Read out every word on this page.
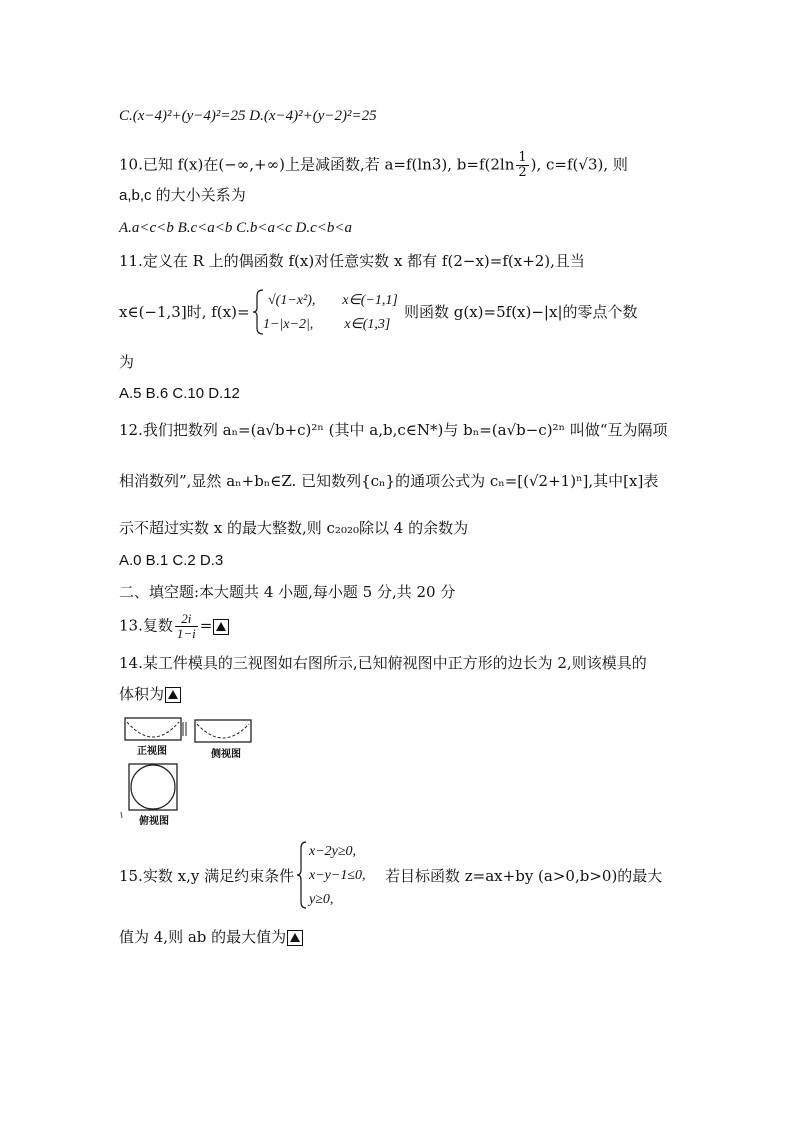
C.(x−4)²+(y−4)²=25 D.(x−4)²+(y−2)²=25
10.已知 f(x)在(−∞,+∞)上是减函数,若 a=f(ln3), $b=f(2\ln \frac{1}{2}$ ), c=f(√3), 则
a,b,c 的大小关系为
A.a<c<b B.c<a<b C.b<a<c D.c<b<a
11.定义在 R 上的偶函数 f(x)对任意实数 x 都有 f(2−x)=f(x+2),且当
x∈(−1,3]时, f(x)=
√(1−x²), x∈(−1,1]
1−|x−2|, x∈(1,3]
则函数 g(x)=5f(x)−|x|的零点个数
为
A.5 B.6 C.10 D.12
12.我们把数列 aₙ=(a√b+c)²ⁿ (其中 a,b,c∈N*)与 bₙ=(a√b−c)²ⁿ 叫做“互为隔项
相消数列”,显然 aₙ+bₙ∈Z. 已知数列{cₙ}的通项公式为 cₙ=[(√2+1)ⁿ],其中[x]表
示不超过实数 x 的最大整数,则 c₂₀₂₀除以 4 的余数为
A.0 B.1 C.2 D.3
二、填空题:本大题共 4 小题,每小题 5 分,共 20 分
13.复数 $\frac{2i}{1-i}$ =
14.某工件模具的三视图如右图所示,已知俯视图中正方形的边长为 2,则该模具的
体积为
正视图	侧视图
俯视图
15.实数 x,y 满足约束条件
x−2y≥0,
x−y−1≤0,
y≥0,
若目标函数 z=ax+by (a>0,b>0)的最大
值为 4,则 ab 的最大值为
